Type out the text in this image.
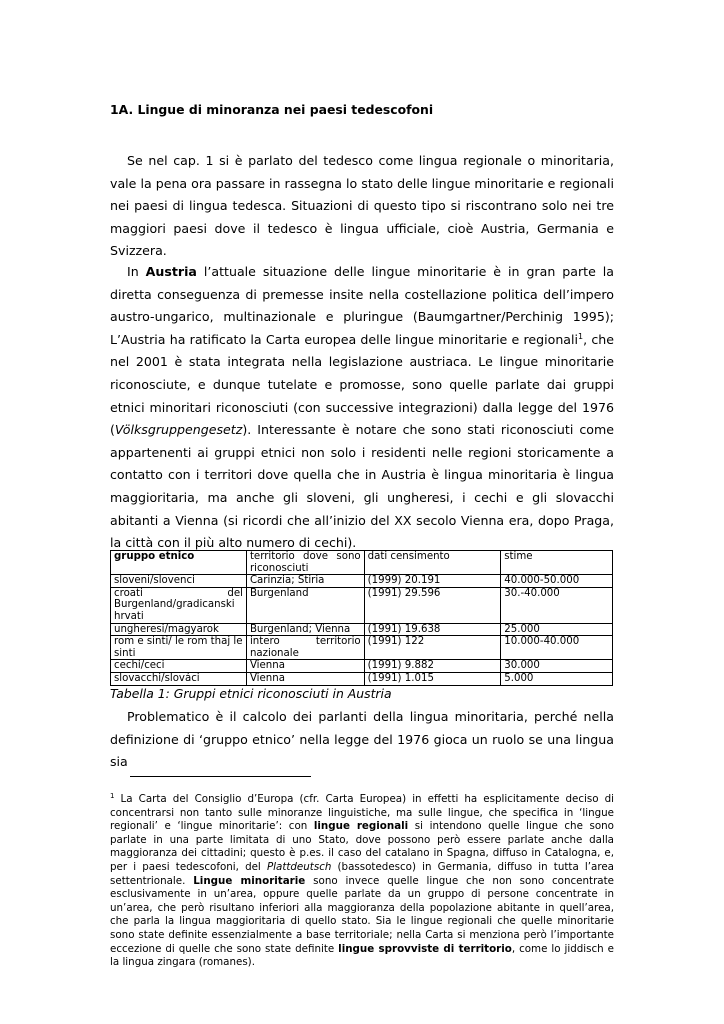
1A. Lingue di minoranza nei paesi tedescofoni

Se nel cap. 1 si è parlato del tedesco come lingua regionale o minoritaria, vale la pena ora passare in rassegna lo stato delle lingue minoritarie e regionali nei paesi di lingua tedesca. Situazioni di questo tipo si riscontrano solo nei tre maggiori paesi dove il tedesco è lingua ufficiale, cioè Austria, Germania e Svizzera.

In Austria l’attuale situazione delle lingue minoritarie è in gran parte la diretta conseguenza di premesse insite nella costellazione politica dell’impero austro-ungarico, multinazionale e pluringue (Baumgartner/Perchinig 1995); L’Austria ha ratificato la Carta europea delle lingue minoritarie e regionali$^1$, che nel 2001 è stata integrata nella legislazione austriaca. Le lingue minoritarie riconosciute, e dunque tutelate e promosse, sono quelle parlate dai gruppi etnici minoritari riconosciuti (con successive integrazioni) dalla legge del 1976 (Völksgruppengesetz). Interessante è notare che sono stati riconosciuti come appartenenti ai gruppi etnici non solo i residenti nelle regioni storicamente a contatto con i territori dove quella che in Austria è lingua minoritaria è lingua maggioritaria, ma anche gli sloveni, gli ungheresi, i cechi e gli slovacchi abitanti a Vienna (si ricordi che all’inizio del XX secolo Vienna era, dopo Praga, la città con il più alto numero di cechi).

gruppo etnico	territorio dove sono riconosciuti	dati censimento	stime
sloveni/slovenci	Carinzia; Stiria	(1999) 20.191	40.000-50.000
croati del Burgenland/gradicanski hrvati	Burgenland	(1991) 29.596	30.-40.000
ungheresi/magyarok	Burgenland; Vienna	(1991) 19.638	25.000
rom e sinti/ le rom thaj le sinti	intero territorio nazionale	(1991) 122	10.000-40.000
cechi/ceci	Vienna	(1991) 9.882	30.000
slovacchi/slováci	Vienna	(1991) 1.015	5.000

Tabella 1: Gruppi etnici riconosciuti in Austria

Problematico è il calcolo dei parlanti della lingua minoritaria, perché nella definizione di ‘gruppo etnico’ nella legge del 1976 gioca un ruolo se una lingua sia

$^1$ La Carta del Consiglio d’Europa (cfr. Carta Europea) in effetti ha esplicitamente deciso di concentrarsi non tanto sulle minoranze linguistiche, ma sulle lingue, che specifica in ‘lingue regionali’ e ‘lingue minoritarie’: con lingue regionali si intendono quelle lingue che sono parlate in una parte limitata di uno Stato, dove possono però essere parlate anche dalla maggioranza dei cittadini; questo è p.es. il caso del catalano in Spagna, diffuso in Catalogna, e, per i paesi tedescofoni, del Plattdeutsch (bassotedesco) in Germania, diffuso in tutta l’area settentrionale. Lingue minoritarie sono invece quelle lingue che non sono concentrate esclusivamente in un’area, oppure quelle parlate da un gruppo di persone concentrate in un’area, che però risultano inferiori alla maggioranza della popolazione abitante in quell’area, che parla la lingua maggioritaria di quello stato. Sia le lingue regionali che quelle minoritarie sono state definite essenzialmente a base territoriale; nella Carta si menziona però l’importante eccezione di quelle che sono state definite lingue sprovviste di territorio, come lo jiddisch e la lingua zingara (romanes).
